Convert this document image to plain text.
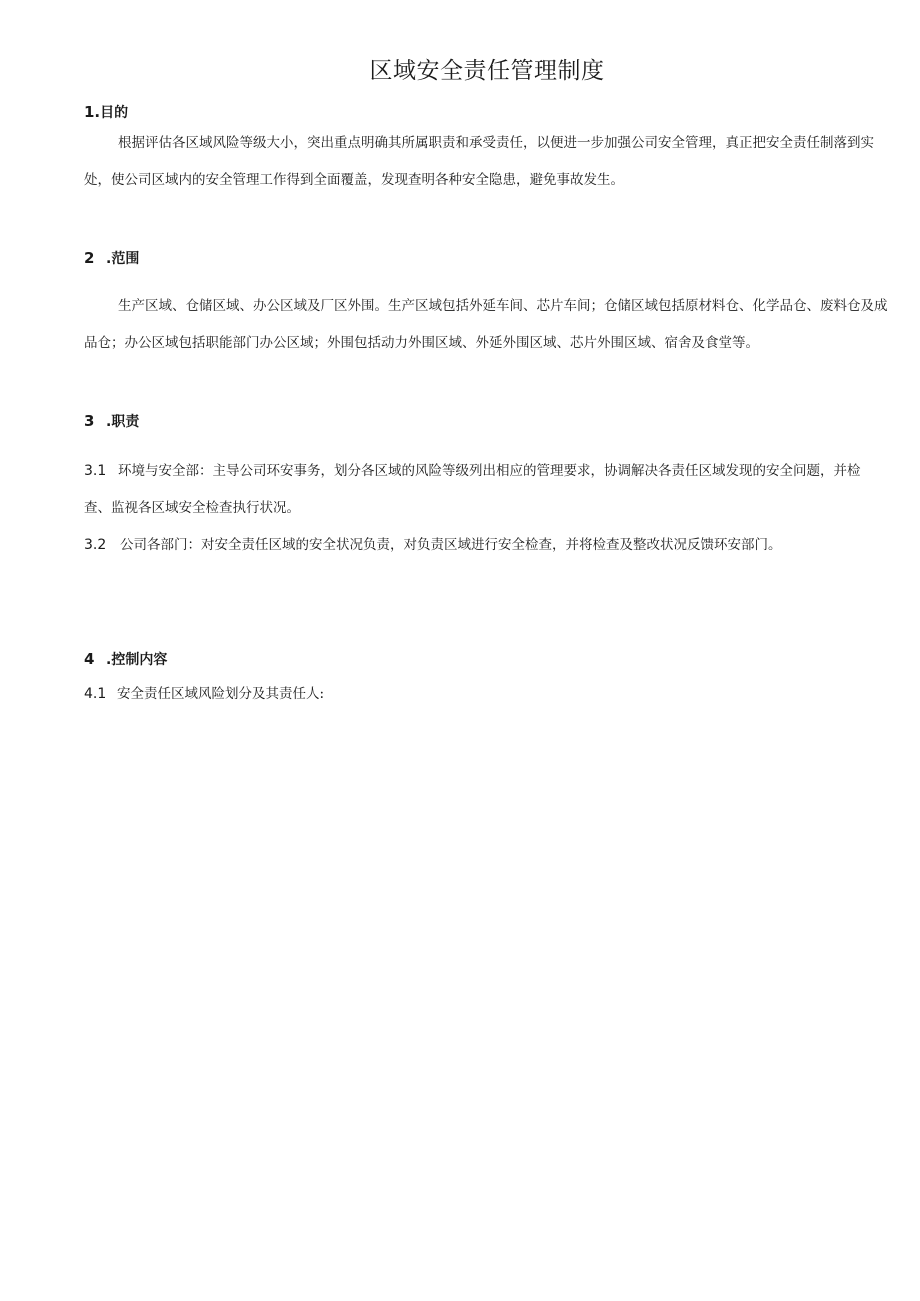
区域安全责任管理制度
1.目的

根据评估各区域风险等级大小，突出重点明确其所属职责和承受责任，以便进一步加强公司安全管理，真正把安全责任制落到实处，使公司区域内的安全管理工作得到全面覆盖，发现查明各种安全隐患，避免事故发生。

2 .范围

生产区域、仓储区域、办公区域及厂区外围。生产区域包括外延车间、芯片车间；仓储区域包括原材料仓、化学品仓、废料仓及成品仓；办公区域包括职能部门办公区域；外围包括动力外围区域、外延外围区域、芯片外围区域、宿舍及食堂等。

3 .职责

3.1 环境与安全部：主导公司环安事务，划分各区域的风险等级列出相应的管理要求，协调解决各责任区域发现的安全问题，并检查、监视各区域安全检查执行状况。

3.2 公司各部门：对安全责任区域的安全状况负责，对负责区域进行安全检查，并将检查及整改状况反馈环安部门。

4 .控制内容

4.1 安全责任区域风险划分及其责任人:
